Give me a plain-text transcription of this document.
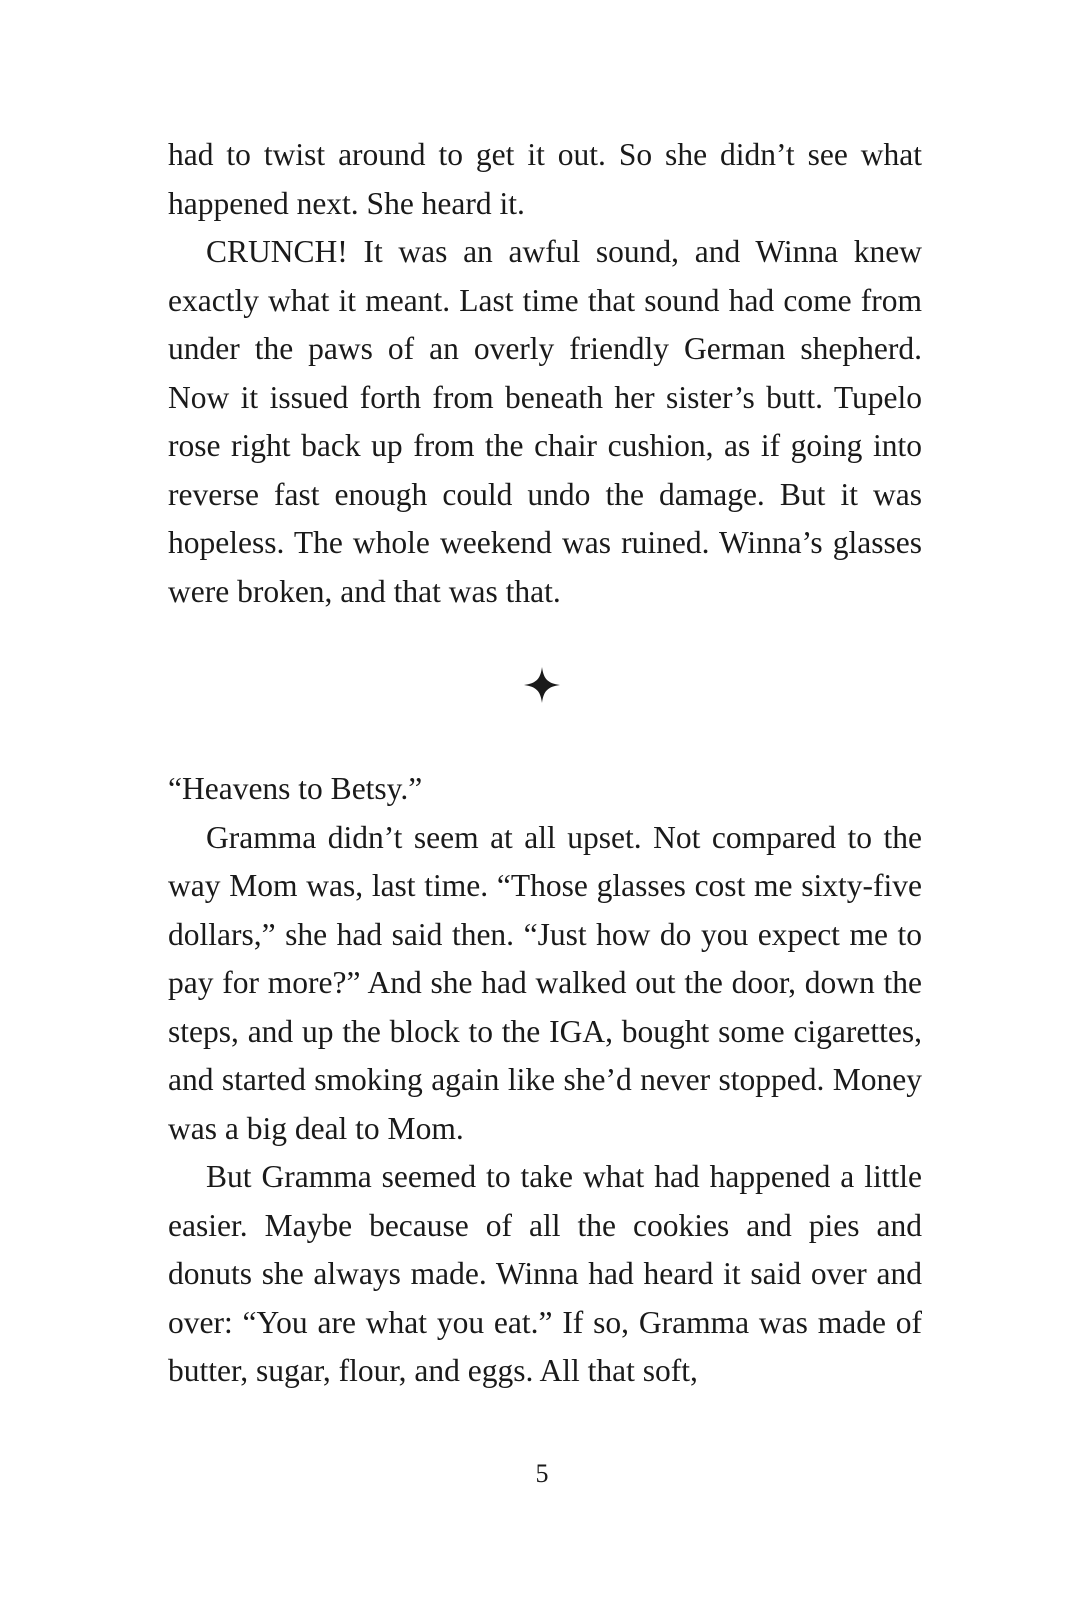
had to twist around to get it out. So she didn’t see what happened next. She heard it.

CRUNCH! It was an awful sound, and Winna knew exactly what it meant. Last time that sound had come from under the paws of an overly friendly German shepherd. Now it issued forth from beneath her sister’s butt. Tupelo rose right back up from the chair cushion, as if going into reverse fast enough could undo the damage. But it was hopeless. The whole weekend was ruined. Winna’s glasses were broken, and that was that.

“Heavens to Betsy.”

Gramma didn’t seem at all upset. Not compared to the way Mom was, last time. “Those glasses cost me sixty-five dollars,” she had said then. “Just how do you expect me to pay for more?” And she had walked out the door, down the steps, and up the block to the IGA, bought some cigarettes, and started smoking again like she’d never stopped. Money was a big deal to Mom.

But Gramma seemed to take what had happened a little easier. Maybe because of all the cookies and pies and donuts she always made. Winna had heard it said over and over: “You are what you eat.” If so, Gramma was made of butter, sugar, flour, and eggs. All that soft,

5
